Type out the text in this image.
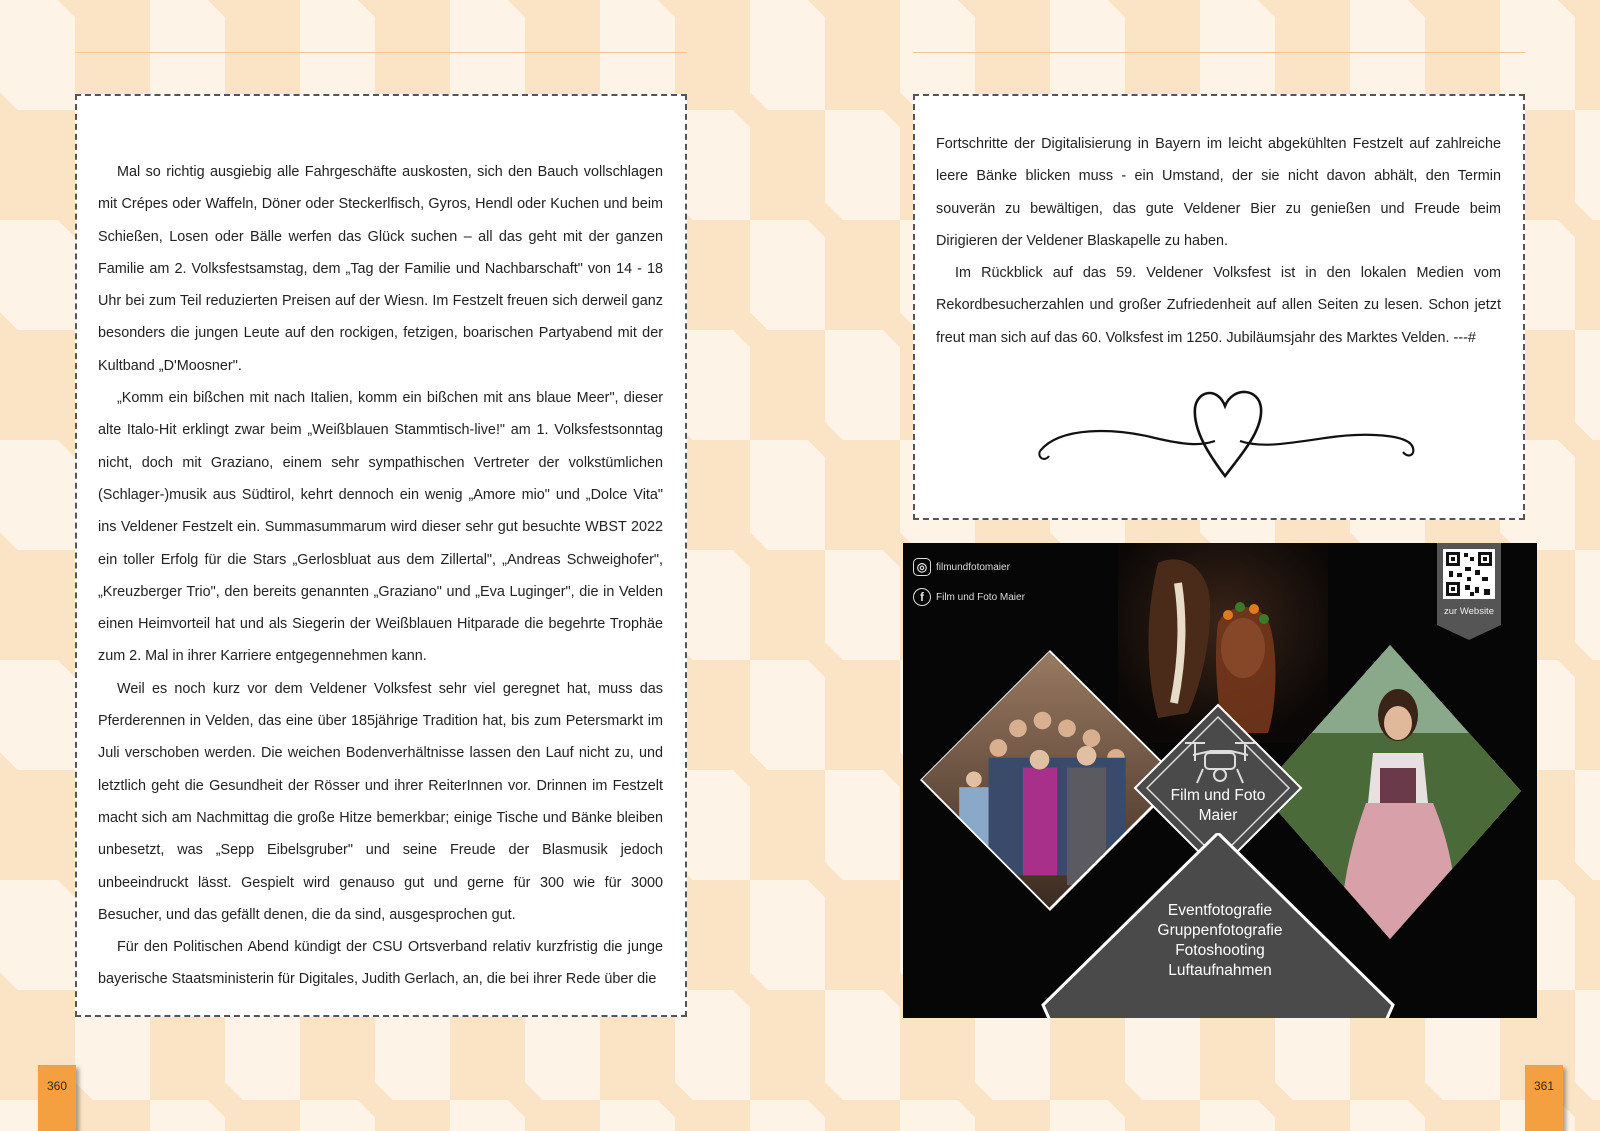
Mal so richtig ausgiebig alle Fahrgeschäfte auskosten, sich den Bauch vollschlagen mit Crépes oder Waffeln, Döner oder Steckerlfisch, Gyros, Hendl oder Kuchen und beim Schießen, Losen oder Bälle werfen das Glück suchen – all das geht mit der ganzen Familie am 2. Volksfestsamstag, dem „Tag der Familie und Nachbarschaft" von 14 - 18 Uhr bei zum Teil reduzierten Preisen auf der Wiesn. Im Festzelt freuen sich derweil ganz besonders die jungen Leute auf den rockigen, fetzigen, boarischen Partyabend mit der Kultband „D'Moosner".

„Komm ein bißchen mit nach Italien, komm ein bißchen mit ans blaue Meer", dieser alte Italo-Hit erklingt zwar beim „Weißblauen Stammtisch-live!" am 1. Volksfestsonntag nicht, doch mit Graziano, einem sehr sympathischen Vertreter der volkstümlichen (Schlager-)musik aus Südtirol, kehrt dennoch ein wenig „Amore mio" und „Dolce Vita" ins Veldener Festzelt ein. Summasummarum wird dieser sehr gut besuchte WBST 2022 ein toller Erfolg für die Stars „Gerlosbluat aus dem Zillertal", „Andreas Schweighofer", „Kreuzberger Trio", den bereits genannten „Graziano" und „Eva Luginger", die in Velden einen Heimvorteil hat und als Siegerin der Weißblauen Hitparade die begehrte Trophäe zum 2. Mal in ihrer Karriere entgegennehmen kann.

Weil es noch kurz vor dem Veldener Volksfest sehr viel geregnet hat, muss das Pferderennen in Velden, das eine über 185jährige Tradition hat, bis zum Petersmarkt im Juli verschoben werden. Die weichen Bodenverhältnisse lassen den Lauf nicht zu, und letztlich geht die Gesundheit der Rösser und ihrer ReiterInnen vor. Drinnen im Festzelt macht sich am Nachmittag die große Hitze bemerkbar; einige Tische und Bänke bleiben unbesetzt, was „Sepp Eibelsgruber" und seine Freude der Blasmusik jedoch unbeeindruckt lässt. Gespielt wird genauso gut und gerne für 300 wie für 3000 Besucher, und das gefällt denen, die da sind, ausgesprochen gut.

Für den Politischen Abend kündigt der CSU Ortsverband relativ kurzfristig die junge bayerische Staatsministerin für Digitales, Judith Gerlach, an, die bei ihrer Rede über die

Fortschritte der Digitalisierung in Bayern im leicht abgekühlten Festzelt auf zahlreiche leere Bänke blicken muss - ein Umstand, der sie nicht davon abhält, den Termin souverän zu bewältigen, das gute Veldener Bier zu genießen und Freude beim Dirigieren der Veldener Blaskapelle zu haben.

Im Rückblick auf das 59. Veldener Volksfest ist in den lokalen Medien vom Rekordbesucherzahlen und großer Zufriedenheit auf allen Seiten zu lesen. Schon jetzt freut man sich auf das 60. Volksfest im 1250. Jubiläumsjahr des Marktes Velden. ---#

◎ filmundfotomaier
f	Film und Foto Maier
zur Website
Film und Foto
Maier
Eventfotografie
Gruppenfotografie
Fotoshooting
Luftaufnahmen
360	361
